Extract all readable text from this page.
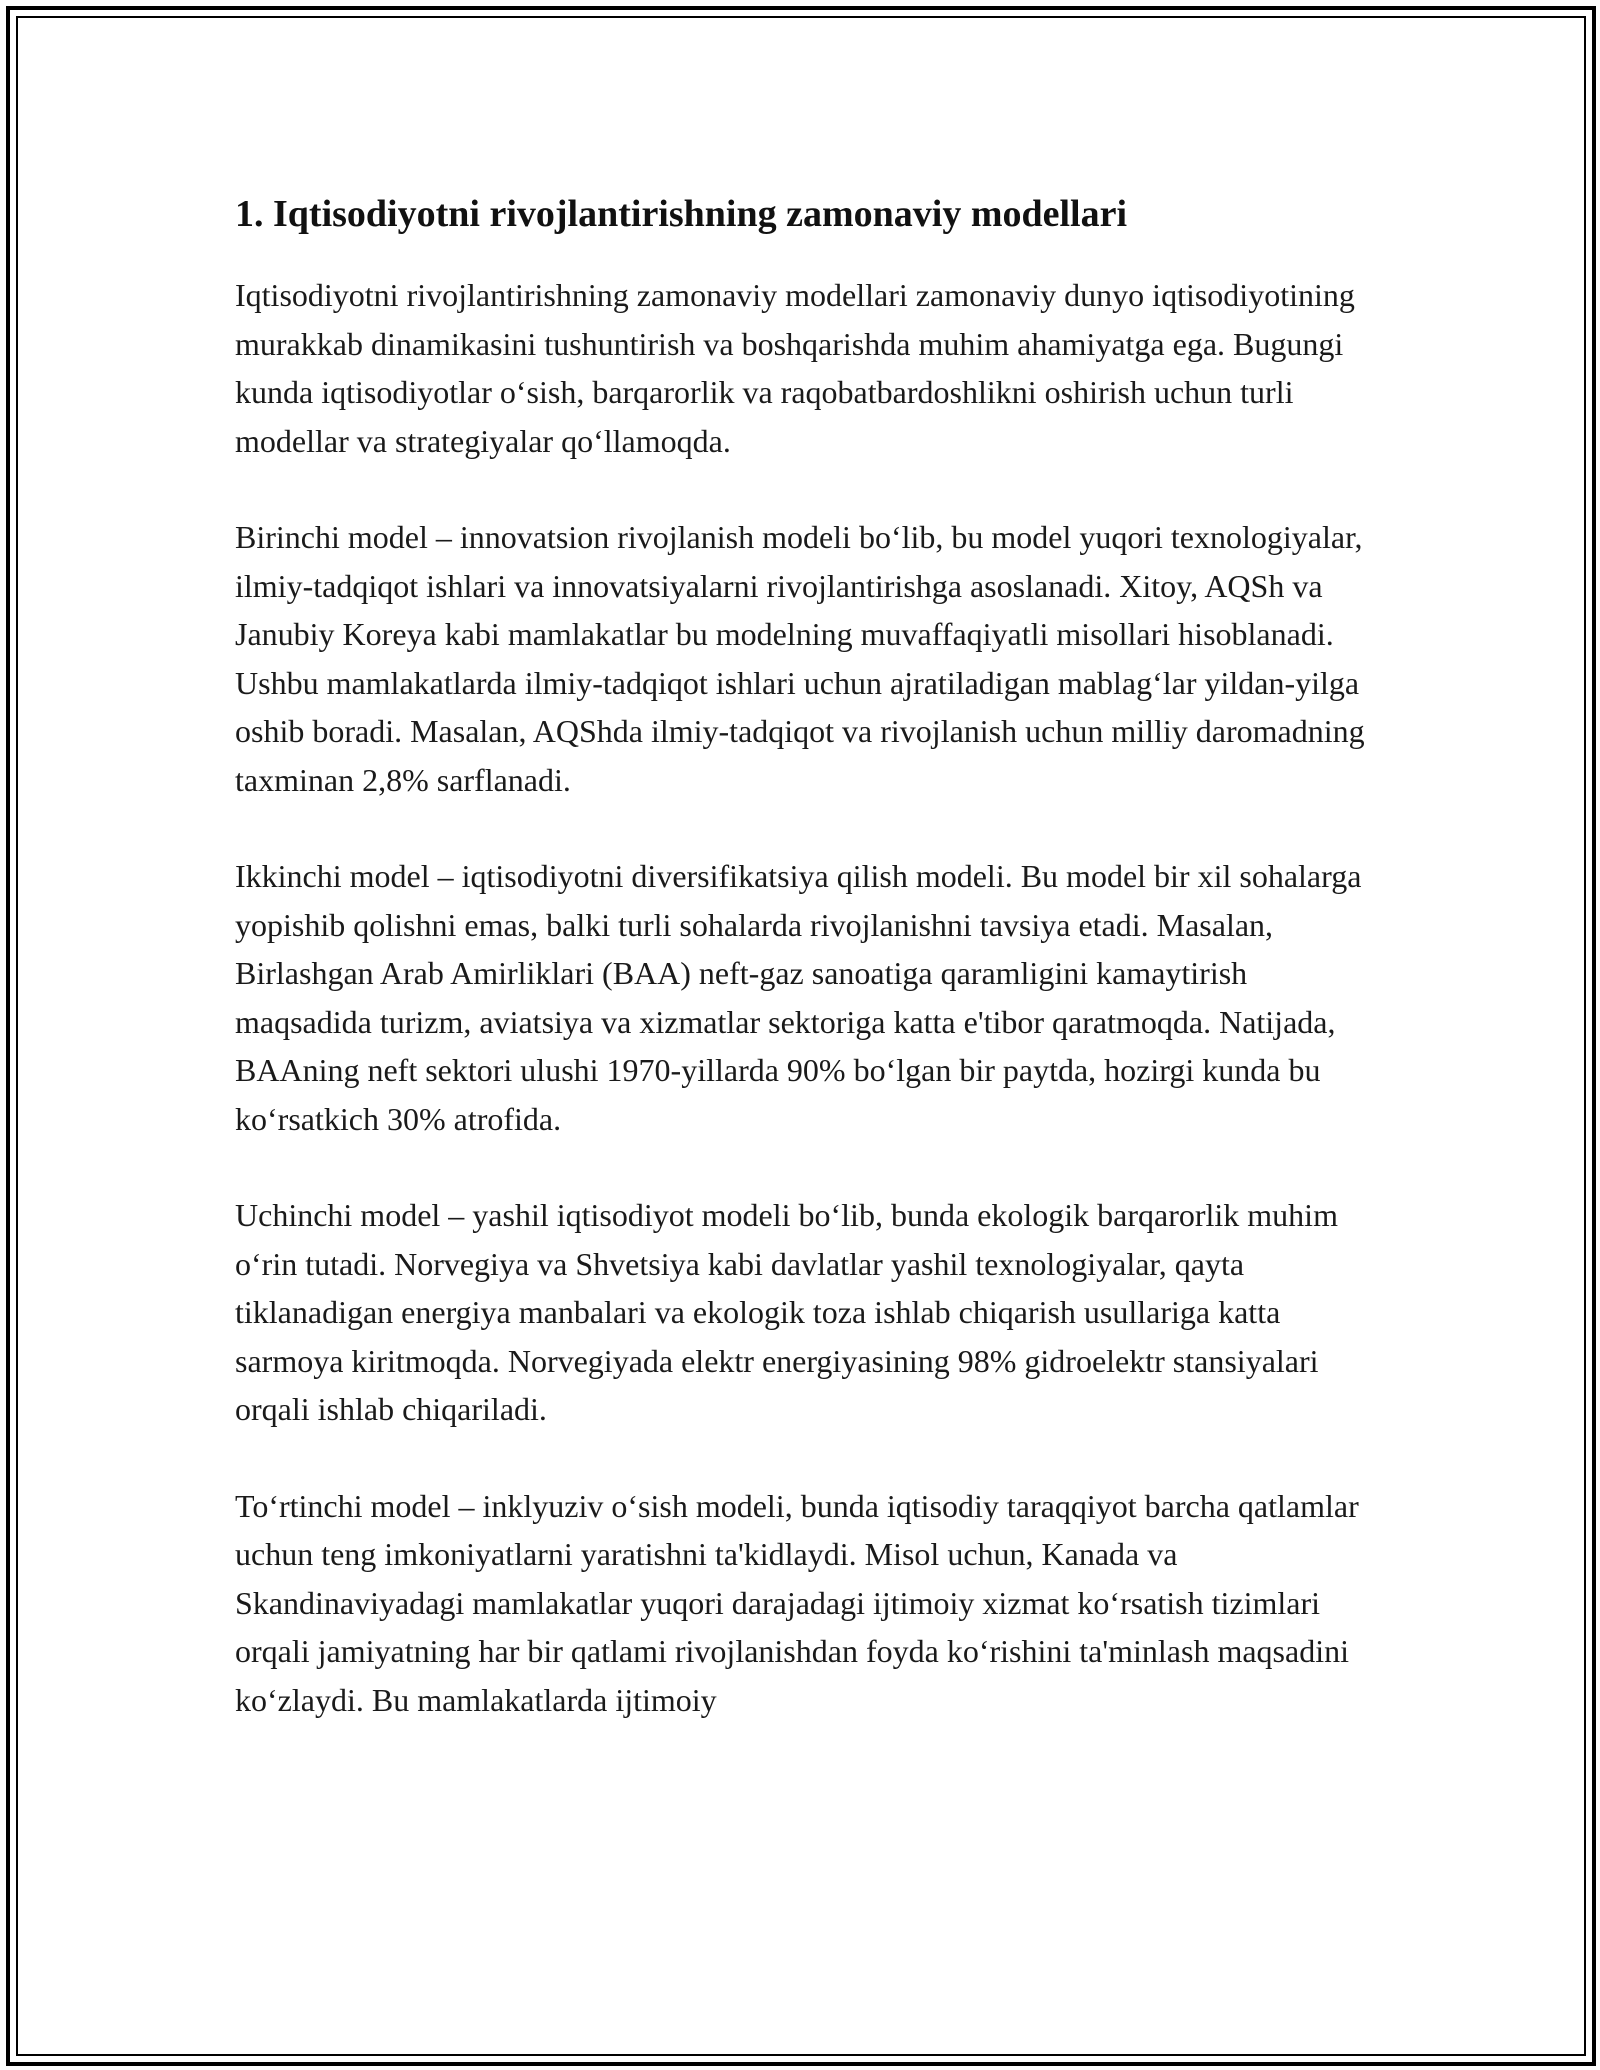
1. Iqtisodiyotni rivojlantirishning zamonaviy modellari

Iqtisodiyotni rivojlantirishning zamonaviy modellari zamonaviy dunyo iqtisodiyotining murakkab dinamikasini tushuntirish va boshqarishda muhim ahamiyatga ega. Bugungi kunda iqtisodiyotlar o‘sish, barqarorlik va raqobatbardoshlikni oshirish uchun turli modellar va strategiyalar qo‘llamoqda.

Birinchi model – innovatsion rivojlanish modeli bo‘lib, bu model yuqori texnologiyalar, ilmiy-tadqiqot ishlari va innovatsiyalarni rivojlantirishga asoslanadi. Xitoy, AQSh va Janubiy Koreya kabi mamlakatlar bu modelning muvaffaqiyatli misollari hisoblanadi. Ushbu mamlakatlarda ilmiy-tadqiqot ishlari uchun ajratiladigan mablag‘lar yildan-yilga oshib boradi. Masalan, AQShda ilmiy-tadqiqot va rivojlanish uchun milliy daromadning taxminan 2,8% sarflanadi.

Ikkinchi model – iqtisodiyotni diversifikatsiya qilish modeli. Bu model bir xil sohalarga yopishib qolishni emas, balki turli sohalarda rivojlanishni tavsiya etadi. Masalan, Birlashgan Arab Amirliklari (BAA) neft-gaz sanoatiga qaramligini kamaytirish maqsadida turizm, aviatsiya va xizmatlar sektoriga katta e'tibor qaratmoqda. Natijada, BAAning neft sektori ulushi 1970-yillarda 90% bo‘lgan bir paytda, hozirgi kunda bu ko‘rsatkich 30% atrofida.

Uchinchi model – yashil iqtisodiyot modeli bo‘lib, bunda ekologik barqarorlik muhim o‘rin tutadi. Norvegiya va Shvetsiya kabi davlatlar yashil texnologiyalar, qayta tiklanadigan energiya manbalari va ekologik toza ishlab chiqarish usullariga katta sarmoya kiritmoqda. Norvegiyada elektr energiyasining 98% gidroelektr stansiyalari orqali ishlab chiqariladi.

To‘rtinchi model – inklyuziv o‘sish modeli, bunda iqtisodiy taraqqiyot barcha qatlamlar uchun teng imkoniyatlarni yaratishni ta'kidlaydi. Misol uchun, Kanada va Skandinaviyadagi mamlakatlar yuqori darajadagi ijtimoiy xizmat ko‘rsatish tizimlari orqali jamiyatning har bir qatlami rivojlanishdan foyda ko‘rishini ta'minlash maqsadini ko‘zlaydi. Bu mamlakatlarda ijtimoiy
